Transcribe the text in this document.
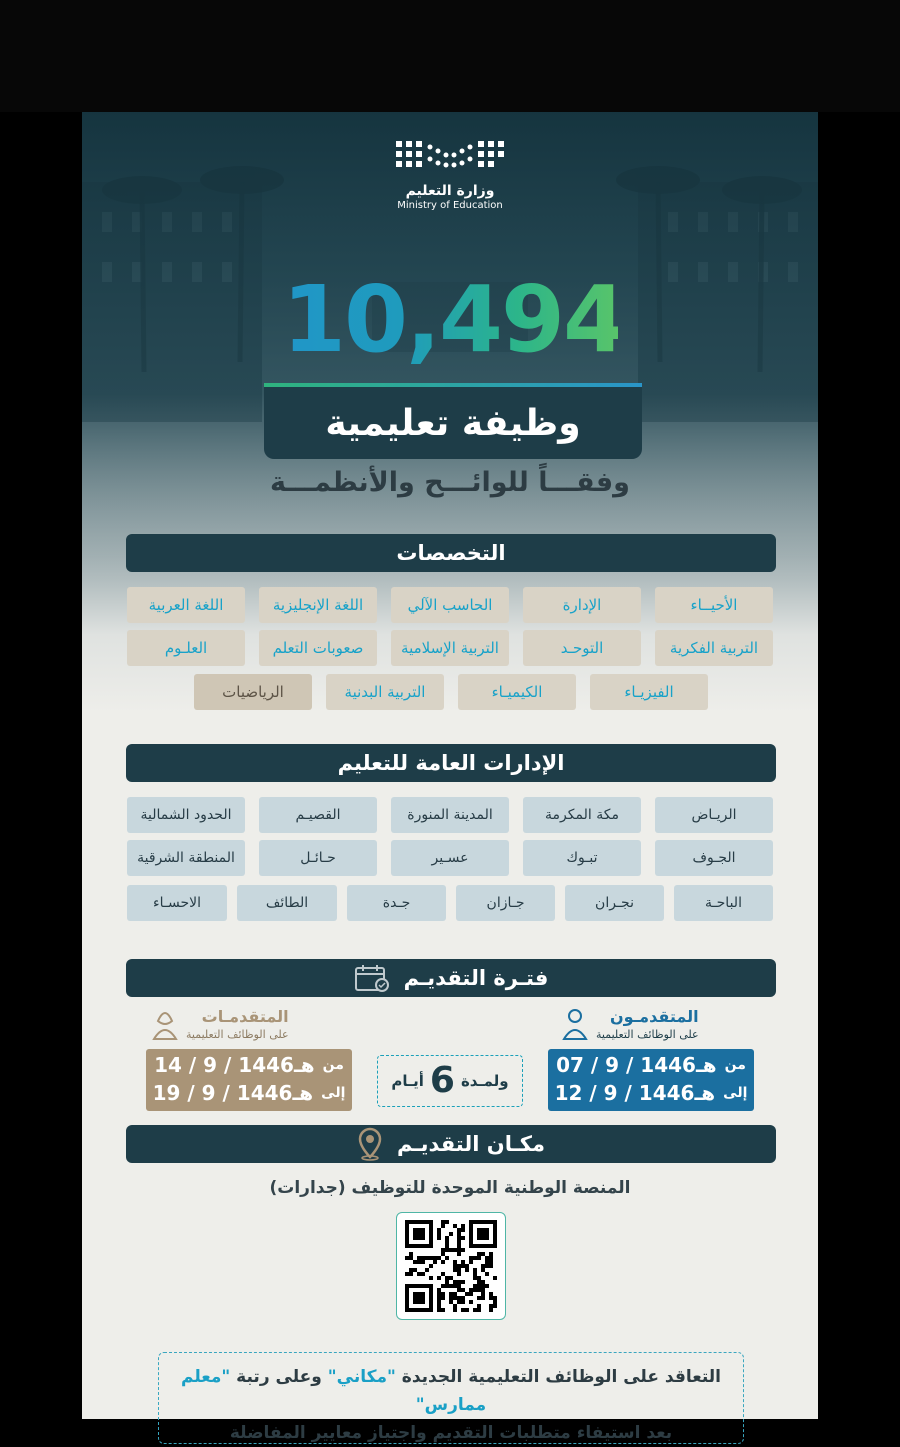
وزارة التعليم
Ministry of Education
10,494
وظيفة تعليمية
وفقـــاً للوائـــح والأنظمـــة
التخصصات
الأحيــاء
الإدارة
الحاسب الآلي
اللغة الإنجليزية
اللغة العربية
التربية الفكرية
التوحـد
التربية الإسلامية
صعوبات التعلم
العلـوم
الفيزيـاء
الكيميـاء
التربية البدنية
الرياضيات
الإدارات العامة للتعليم
الريـاض
مكة المكرمة
المدينة المنورة
القصيـم
الحدود الشمالية
الجـوف
تبـوك
عسـير
حـائـل
المنطقة الشرقية
الباحـة
نجـران
جـازان
جـدة
الطائف
الاحسـاء
فتـرة التقديـم
المتقدمـون
على الوظائف التعليمية
07 / 9 / 1446هـ من
12 / 9 / 1446هـ إلى
المتقدمـات
على الوظائف التعليمية
14 / 9 / 1446هـ من
19 / 9 / 1446هـ إلى
أيـام 6 ولمـدة
مكـان التقديـم
المنصة الوطنية الموحدة للتوظيف (جدارات)
التعاقد على الوظائف التعليمية الجديدة "مكاني" وعلى رتبة "معلم ممارس"
بعد استيفاء متطلبات التقديم واجتياز معايير المفاضلة
